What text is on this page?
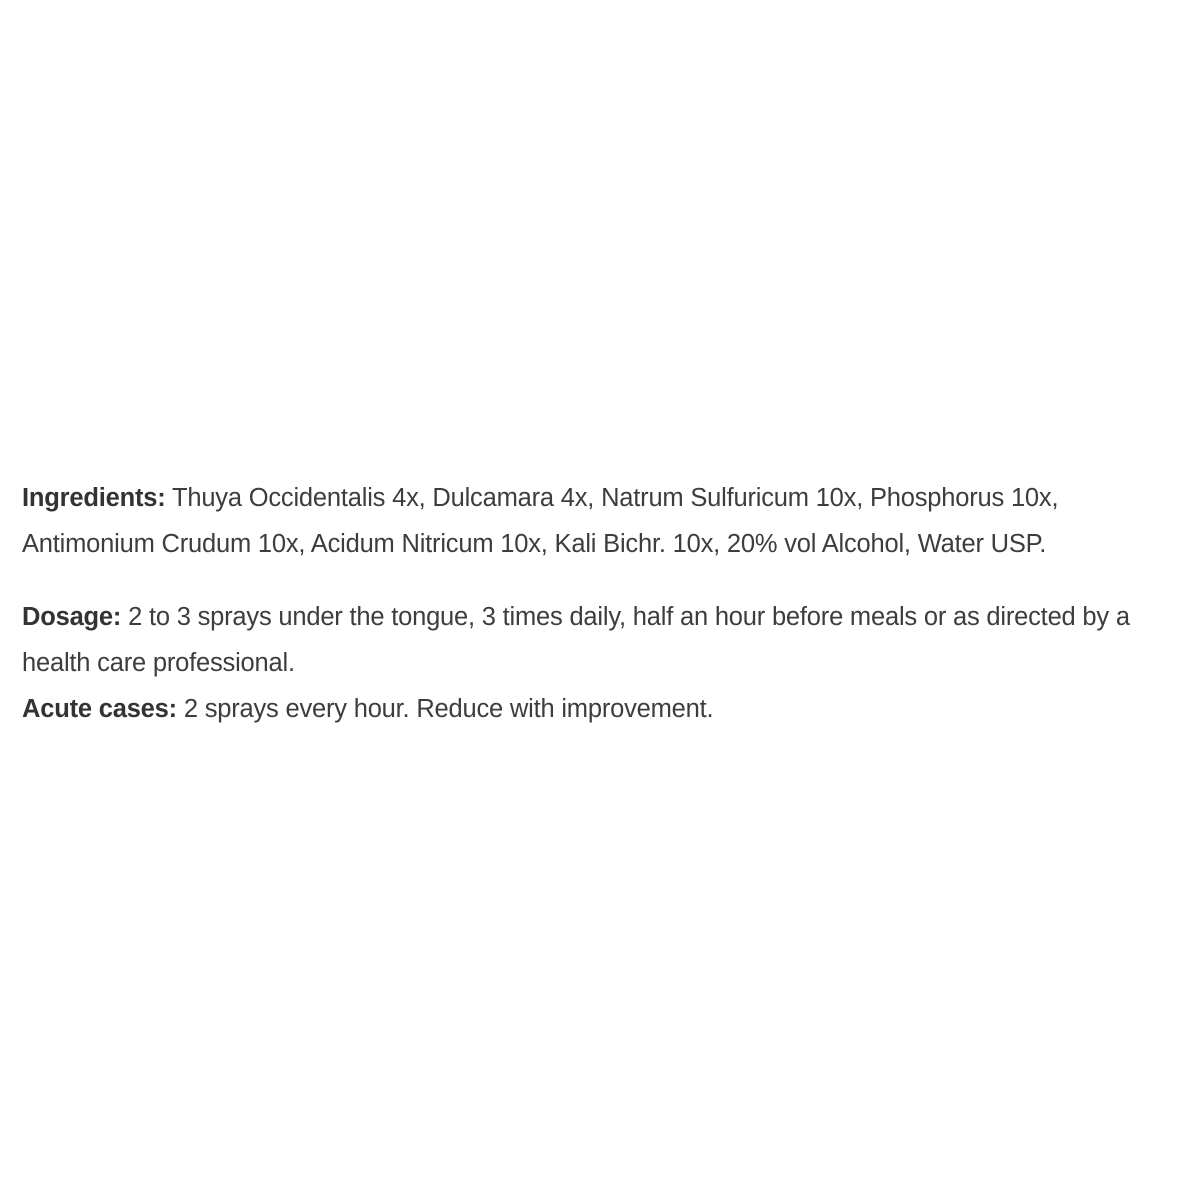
Ingredients: Thuya Occidentalis 4x, Dulcamara 4x, Natrum Sulfuricum 10x, Phosphorus 10x,
Antimonium Crudum 10x, Acidum Nitricum 10x, Kali Bichr. 10x, 20% vol Alcohol, Water USP.

Dosage: 2 to 3 sprays under the tongue, 3 times daily, half an hour before meals or as directed by a
health care professional.
Acute cases: 2 sprays every hour. Reduce with improvement.
